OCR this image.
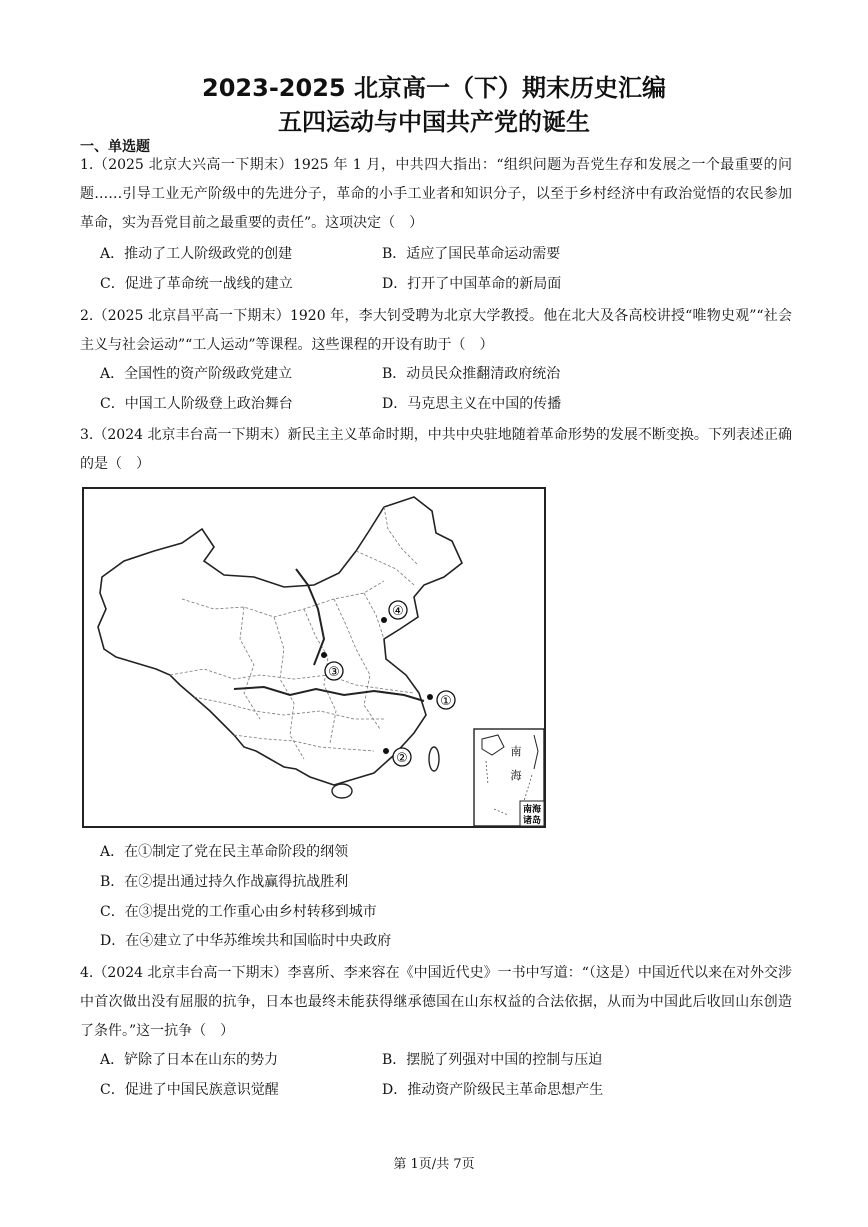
2023-2025 北京高一（下）期末历史汇编
五四运动与中国共产党的诞生
一、单选题
1.（2025 北京大兴高一下期末）1925 年 1 月，中共四大指出：“组织问题为吾党生存和发展之一个最重要的问题……引导工业无产阶级中的先进分子，革命的小手工业者和知识分子，以至于乡村经济中有政治觉悟的农民参加革命，实为吾党目前之最重要的责任”。这项决定（　）
A．推动了工人阶级政党的创建	B．适应了国民革命运动需要
C．促进了革命统一战线的建立	D．打开了中国革命的新局面
2.（2025 北京昌平高一下期末）1920 年，李大钊受聘为北京大学教授。他在北大及各高校讲授“唯物史观”“社会主义与社会运动”“工人运动”等课程。这些课程的开设有助于（　）
A．全国性的资产阶级政党建立	B．动员民众推翻清政府统治
C．中国工人阶级登上政治舞台	D．马克思主义在中国的传播
3.（2024 北京丰台高一下期末）新民主主义革命时期，中共中央驻地随着革命形势的发展不断变换。下列表述正确的是（　）
①
②
③
④
南
海
南海
诸岛
A．在①制定了党在民主革命阶段的纲领
B．在②提出通过持久作战赢得抗战胜利
C．在③提出党的工作重心由乡村转移到城市
D．在④建立了中华苏维埃共和国临时中央政府
4.（2024 北京丰台高一下期末）李喜所、李来容在《中国近代史》一书中写道：“（这是）中国近代以来在对外交涉中首次做出没有屈服的抗争，日本也最终未能获得继承德国在山东权益的合法依据，从而为中国此后收回山东创造了条件。”这一抗争（　）
A．铲除了日本在山东的势力	B．摆脱了列强对中国的控制与压迫
C．促进了中国民族意识觉醒	D．推动资产阶级民主革命思想产生
第 1页/共 7页
